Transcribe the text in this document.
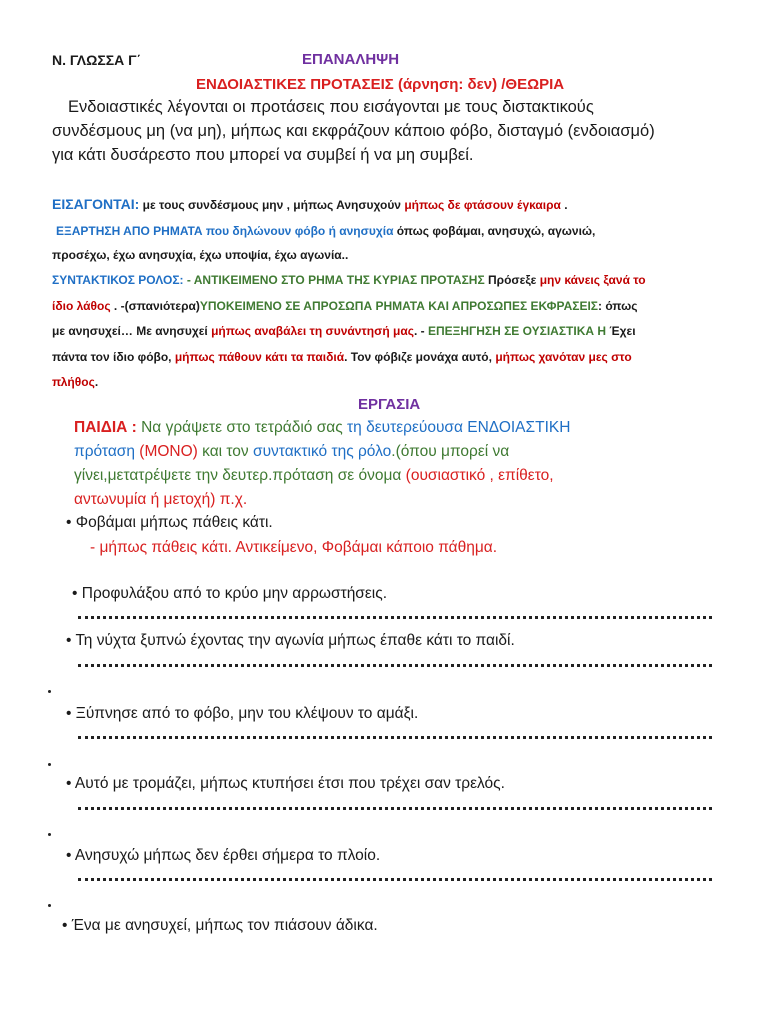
Ν. ΓΛΩΣΣΑ Γ΄	ΕΠΑΝΑΛΗΨΗ
ΕΝΔΟΙΑΣΤΙΚΕΣ ΠΡΟΤΑΣΕΙΣ (άρνηση: δεν) /ΘΕΩΡΙΑ
Ενδοιαστικές λέγονται οι προτάσεις που εισάγονται με τους διστακτικούς
συνδέσμους μη (να μη), μήπως και εκφράζουν κάποιο φόβο, δισταγμό (ενδοιασμό)
για κάτι δυσάρεστο που μπορεί να συμβεί ή να μη συμβεί.
ΕΙΣΑΓΟΝΤΑΙ: με τους συνδέσμους μην , μήπως Ανησυχούν μήπως δε φτάσουν έγκαιρα .
ΕΞΑΡΤΗΣΗ ΑΠΟ ΡΗΜΑΤΑ που δηλώνουν φόβο ή ανησυχία όπως φοβάμαι, ανησυχώ, αγωνιώ,
προσέχω, έχω ανησυχία, έχω υποψία, έχω αγωνία..
ΣΥΝΤΑΚΤΙΚΟΣ ΡΟΛΟΣ: - ΑΝΤΙΚΕΙΜΕΝΟ ΣΤΟ ΡΗΜΑ ΤΗΣ ΚΥΡΙΑΣ ΠΡΟΤΑΣΗΣ Πρόσεξε μην κάνεις ξανά το
ίδιο λάθος . -(σπανιότερα)ΥΠΟΚΕΙΜΕΝΟ ΣΕ ΑΠΡΟΣΩΠΑ ΡΗΜΑΤΑ ΚΑΙ ΑΠΡΟΣΩΠΕΣ ΕΚΦΡΑΣΕΙΣ: όπως
με ανησυχεί… Με ανησυχεί μήπως αναβάλει τη συνάντησή μας. - ΕΠΕΞΗΓΗΣΗ ΣΕ ΟΥΣΙΑΣΤΙΚΑ Η Έχει
πάντα τον ίδιο φόβο, μήπως πάθουν κάτι τα παιδιά. Τον φόβιζε μονάχα αυτό, μήπως χανόταν μες στο
πλήθος.
ΕΡΓΑΣΙΑ
ΠΑΙΔΙΑ : Να γράψετε στο τετράδιό σας τη δευτερεύουσα ΕΝΔΟΙΑΣΤΙΚΗ
πρόταση (ΜΟΝΟ) και τον συντακτικό της ρόλο.(όπου μπορεί να
γίνει,μετατρέψετε την δευτερ.πρόταση σε όνομα (ουσιαστικό , επίθετο,
αντωνυμία ή μετοχή) π.χ.
• Φοβάμαι μήπως πάθεις κάτι.
- μήπως πάθεις κάτι. Αντικείμενο, Φοβάμαι κάποιο πάθημα.
• Προφυλάξου από το κρύο μην αρρωστήσεις.
• Τη νύχτα ξυπνώ έχοντας την αγωνία μήπως έπαθε κάτι το παιδί.
• Ξύπνησε από το φόβο, μην του κλέψουν το αμάξι.
• Αυτό με τρομάζει, μήπως κτυπήσει έτσι που τρέχει σαν τρελός.
• Ανησυχώ μήπως δεν έρθει σήμερα το πλοίο.
• Ένα με ανησυχεί, μήπως τον πιάσουν άδικα.
